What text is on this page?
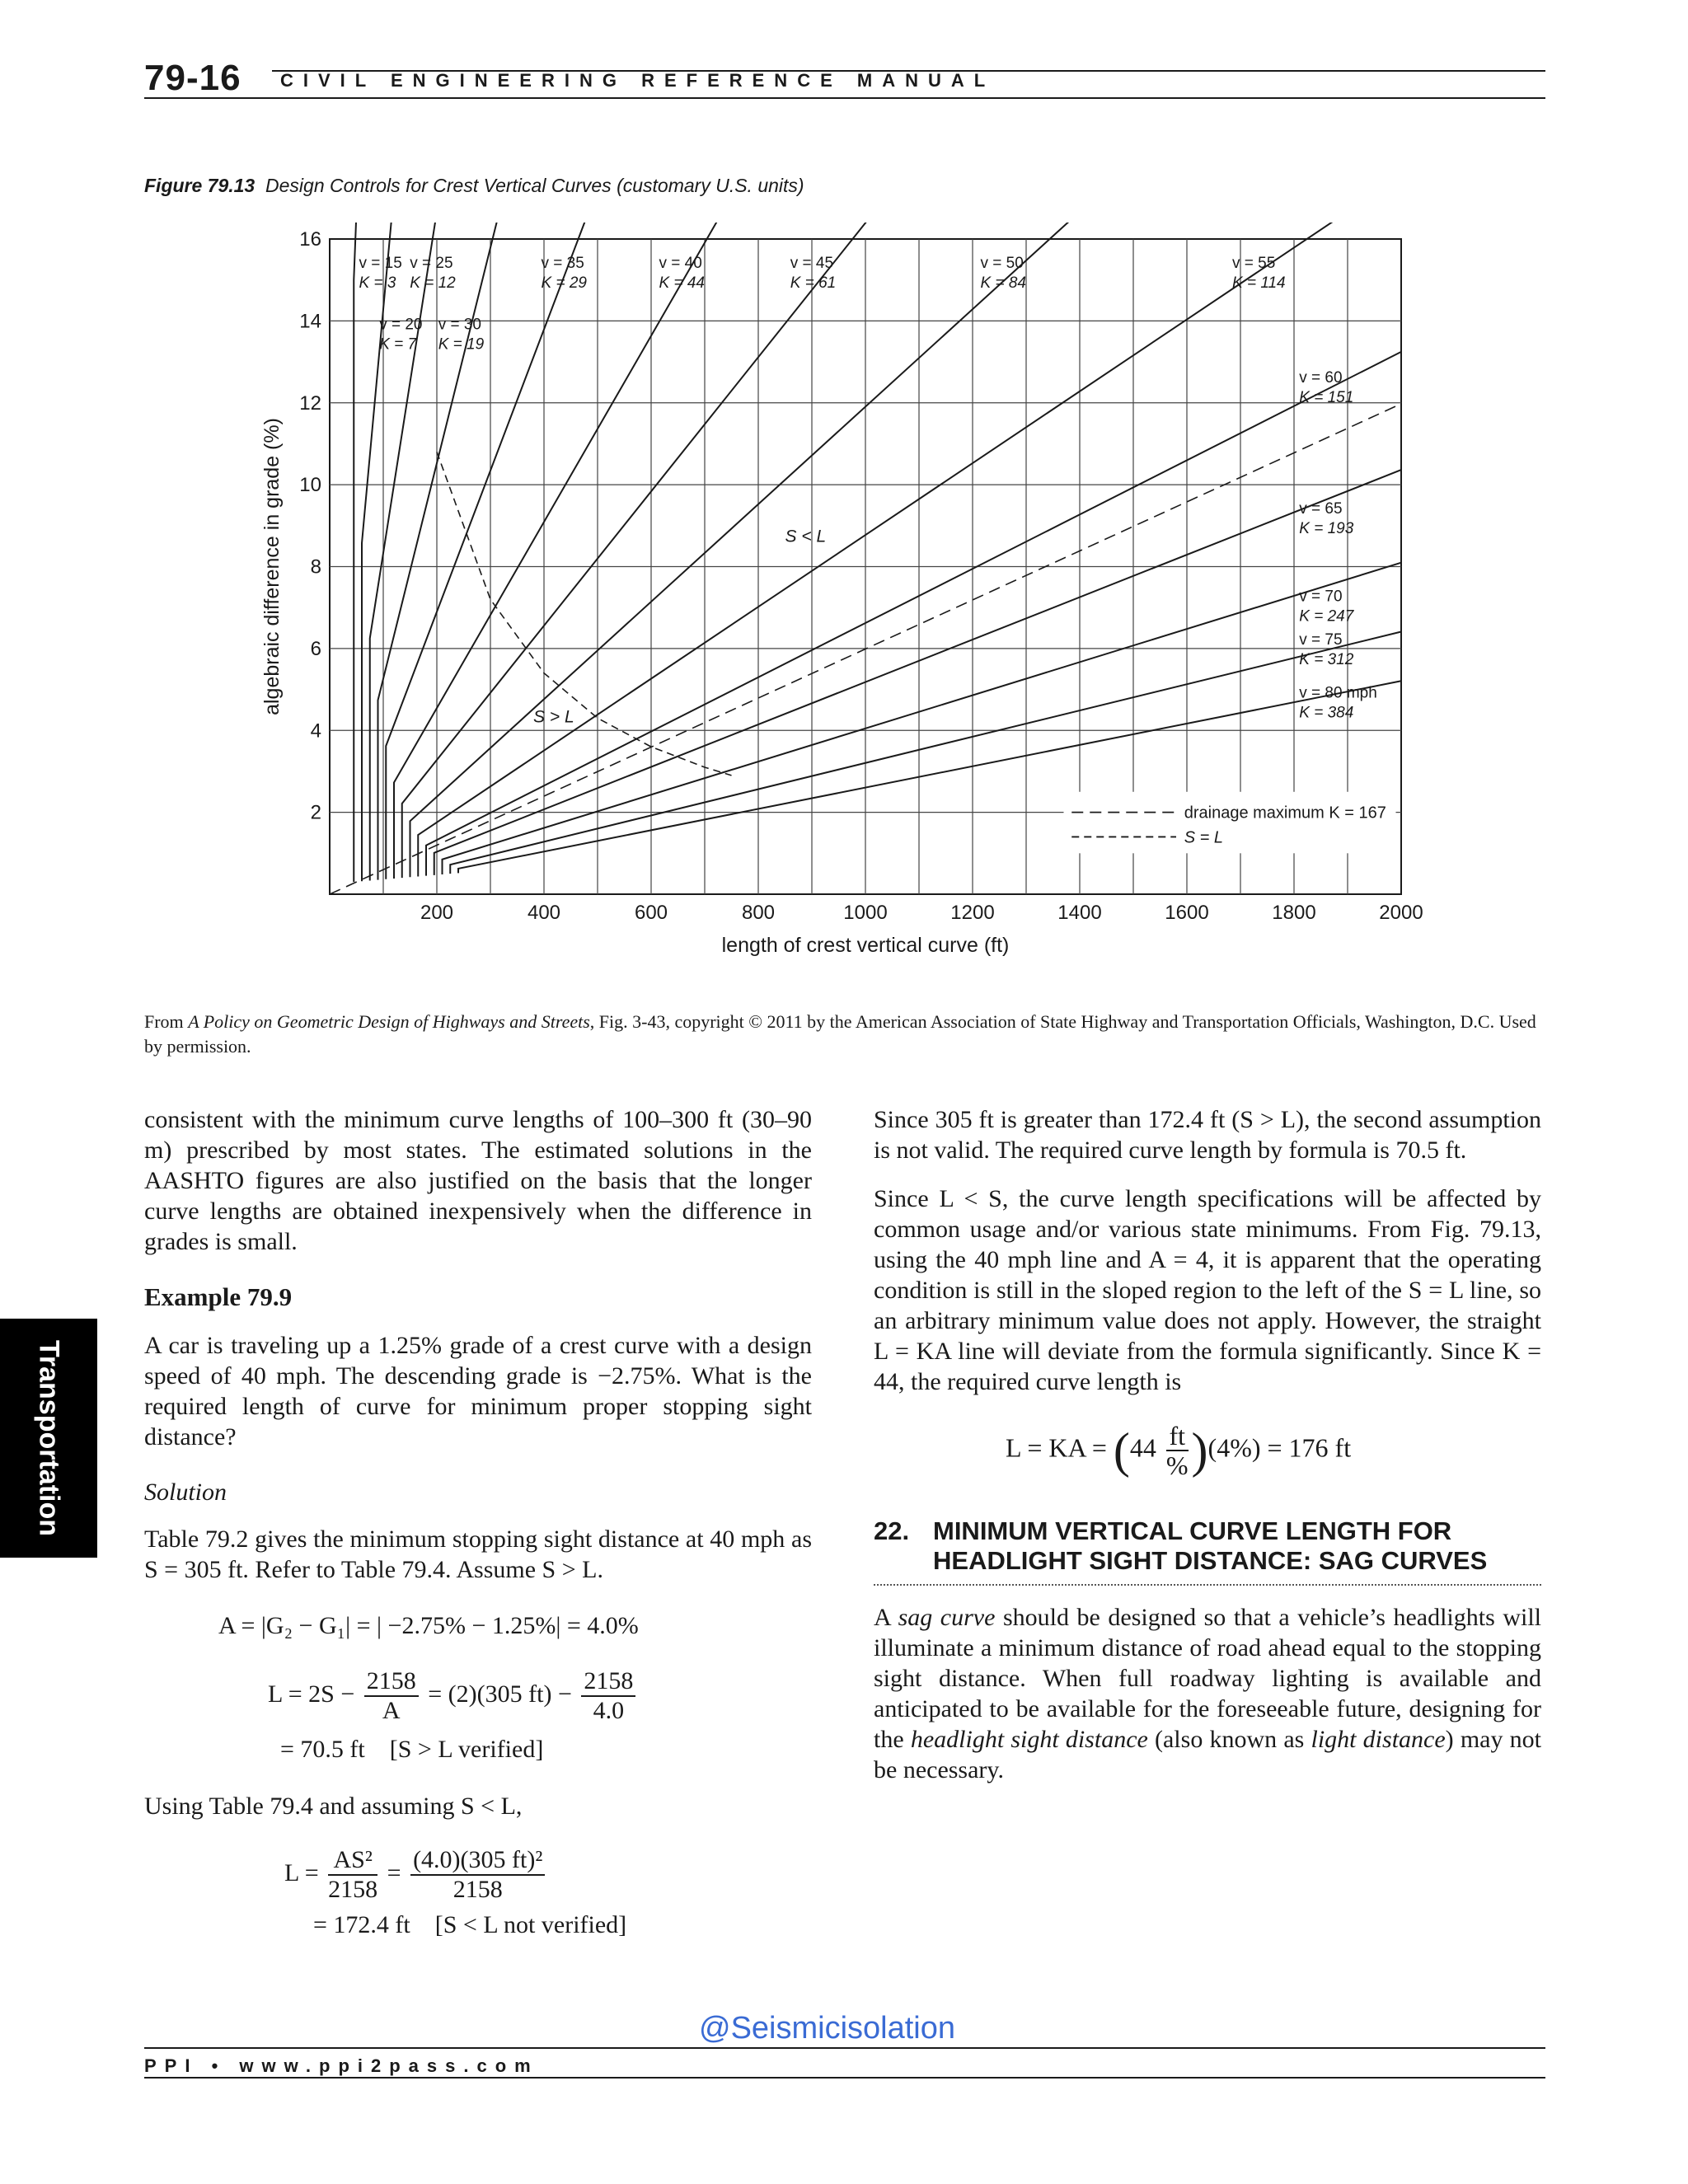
79-16 CIVIL ENGINEERING REFERENCE MANUAL
Figure 79.13 Design Controls for Crest Vertical Curves (customary U.S. units)
200	400	600	800	1000	1200	1400	1600	1800	2000
2
4
6
8
10
12
14
16
length of crest vertical curve (ft)
algebraic difference in grade (%)
v = 15
K = 3
v = 20
K = 7
v = 25
K = 12
v = 30
K = 19
v = 35
K = 29
v = 40
K = 44
v = 45
K = 61
v = 50
K = 84
v = 55
K = 114
v = 60
K = 151
v = 65
K = 193
v = 70
K = 247
v = 75
K = 312
v = 80 mph
K = 384
S < L
S > L
drainage maximum K = 167
S = L
From A Policy on Geometric Design of Highways and Streets, Fig. 3-43, copyright © 2011 by the American Association of State Highway and Transportation Officials, Washington, D.C. Used by permission.

consistent with the minimum curve lengths of 100–300 ft (30–90 m) prescribed by most states. The estimated solutions in the AASHTO figures are also justified on the basis that the longer curve lengths are obtained inexpensively when the difference in grades is small.

Example 79.9

A car is traveling up a 1.25% grade of a crest curve with a design speed of 40 mph. The descending grade is −2.75%. What is the required length of curve for minimum proper stopping sight distance?

Solution

Table 79.2 gives the minimum stopping sight distance at 40 mph as S = 305 ft. Refer to Table 79.4. Assume S > L.

A = |G₂ − G₁| = | −2.75% − 1.25%| = 4.0%
$L = 2S - \frac{2158}{A} = (2)(305$ $ft) - \frac{2158}{4.0}$
= 70.5 ft    [S > L verified]

Using Table 79.4 and assuming S < L,

$L = \frac{\text{AS²}}{2158} = \frac{\text{(4.0)(305 ft)²}}{2158}$
= 172.4 ft    [S < L not verified]

Since 305 ft is greater than 172.4 ft (S > L), the second assumption is not valid. The required curve length by formula is 70.5 ft.

Since L < S, the curve length specifications will be affected by common usage and/or various state minimums. From Fig. 79.13, using the 40 mph line and A = 4, it is apparent that the operating condition is still in the sloped region to the left of the S = L line, so an arbitrary minimum value does not apply. However, the straight L = KA line will deviate from the formula significantly. Since K = 44, the required curve length is

L = KA = $(44 \frac{ft}{\%} )(4\%) = 176$ ft
22. MINIMUM VERTICAL CURVE LENGTH FOR HEADLIGHT SIGHT DISTANCE: SAG CURVES

A sag curve should be designed so that a vehicle’s headlights will illuminate a minimum distance of road ahead equal to the stopping sight distance. When full roadway lighting is available and anticipated to be available for the foreseeable future, designing for the headlight sight distance (also known as light distance) may not be necessary.

Transportation
@Seismicisolation
PPI • www.ppi2pass.com
